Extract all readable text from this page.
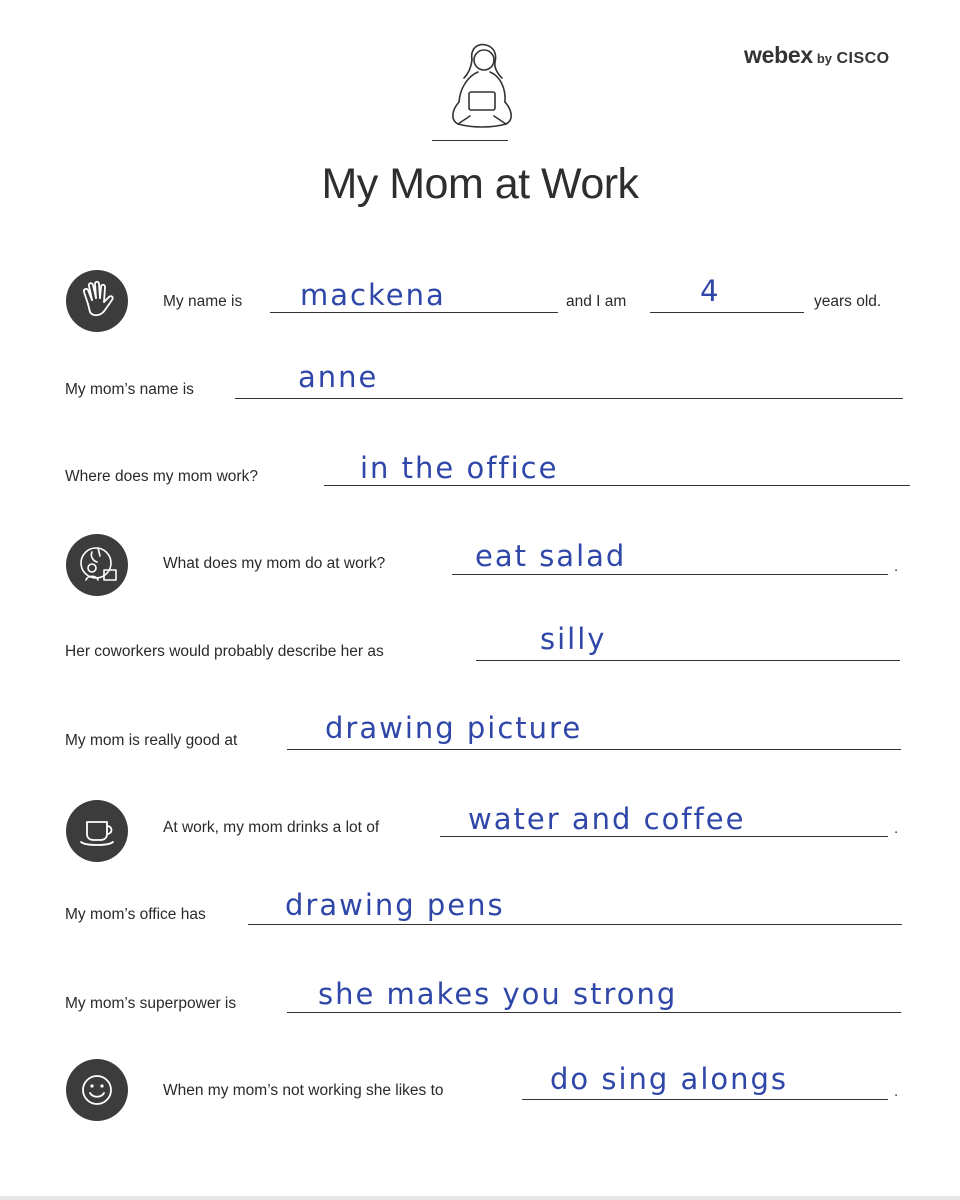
webex by CISCO
My Mom at Work
My name is mackena	and I am	4	years old.
My mom’s name is	anne
Where does my mom work?	in the office
What does my mom do at work?	eat salad	.
Her coworkers would probably describe her as	silly
My mom is really good at	drawing picture
At work, my mom drinks a lot of	water and coffee	.
My mom’s office has	drawing pens
My mom’s superpower is	she makes you strong
When my mom’s not working she likes to	do sing alongs	.
